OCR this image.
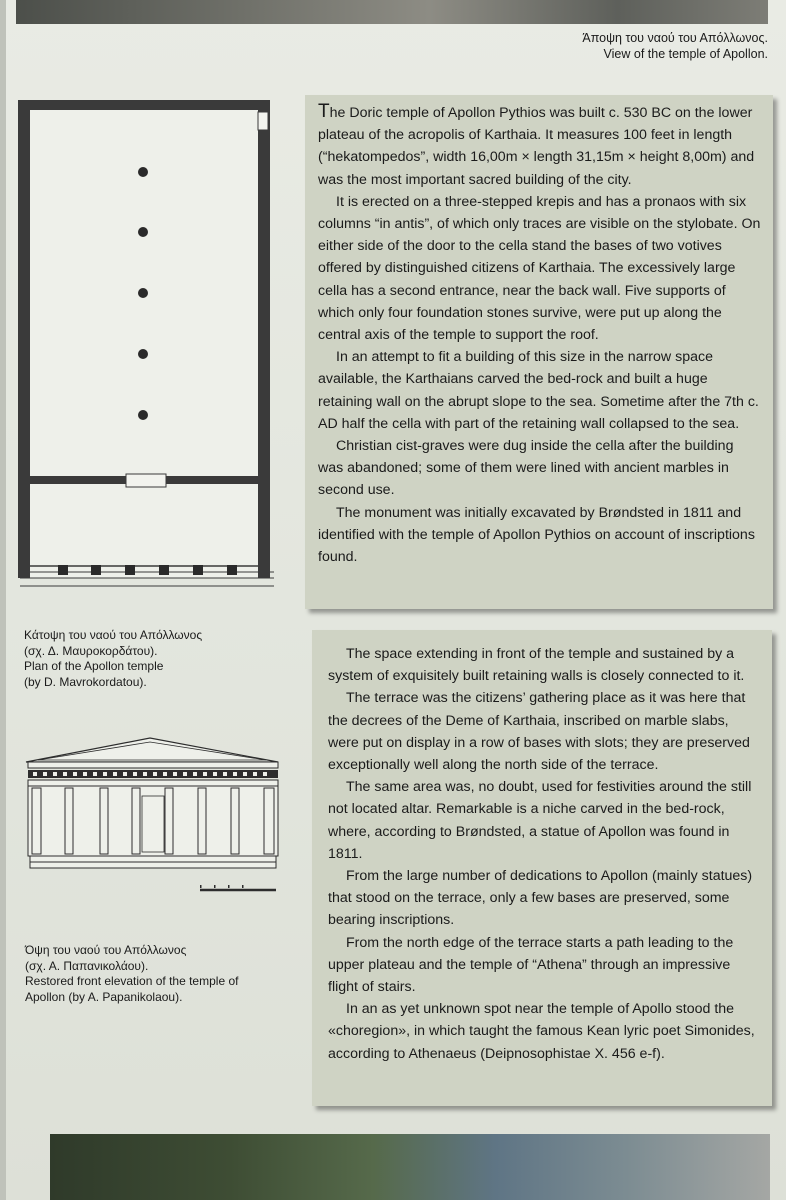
Άποψη του ναού του Απόλλωνος.
View of the temple of Apollon.
Κάτοψη του ναού του Απόλλωνος
(σχ. Δ. Μαυροκορδάτου).
Plan of the Apollon temple
(by D. Mavrokordatou).
Όψη του ναού του Απόλλωνος
(σχ. Α. Παπανικολάου).
Restored front elevation of the temple of
Apollon (by A. Papanikolaou).

The Doric temple of Apollon Pythios was built c. 530 BC on the lower plateau of the acropolis of Karthaia. It measures 100 feet in length (“hekatompedos”, width 16,00m × length 31,15m × height 8,00m) and was the most important sacred building of the city.

It is erected on a three-stepped krepis and has a pronaos with six columns “in antis”, of which only traces are visible on the stylobate. On either side of the door to the cella stand the bases of two votives offered by distinguished citizens of Karthaia. The excessively large cella has a second entrance, near the back wall. Five supports of which only four foundation stones survive, were put up along the central axis of the temple to support the roof.

In an attempt to fit a building of this size in the narrow space available, the Karthaians carved the bed-rock and built a huge retaining wall on the abrupt slope to the sea. Sometime after the 7th c. AD half the cella with part of the retaining wall collapsed to the sea.

Christian cist-graves were dug inside the cella after the building was abandoned; some of them were lined with ancient marbles in second use.

The monument was initially excavated by Brøndsted in 1811 and identified with the temple of Apollon Pythios on account of inscriptions found.

The space extending in front of the temple and sustained by a system of exquisitely built retaining walls is closely connected to it.

The terrace was the citizens’ gathering place as it was here that the decrees of the Deme of Karthaia, inscribed on marble slabs, were put on display in a row of bases with slots; they are preserved exceptionally well along the north side of the terrace.

The same area was, no doubt, used for festivities around the still not located altar. Remarkable is a niche carved in the bed-rock, where, according to Brøndsted, a statue of Apollon was found in 1811.

From the large number of dedications to Apollon (mainly statues) that stood on the terrace, only a few bases are preserved, some bearing inscriptions.

From the north edge of the terrace starts a path leading to the upper plateau and the temple of “Athena” through an impressive flight of stairs.

In an as yet unknown spot near the temple of Apollo stood the «choregion», in which taught the famous Kean lyric poet Simonides, according to Athenaeus (Deipnosophistae X. 456 e-f).
